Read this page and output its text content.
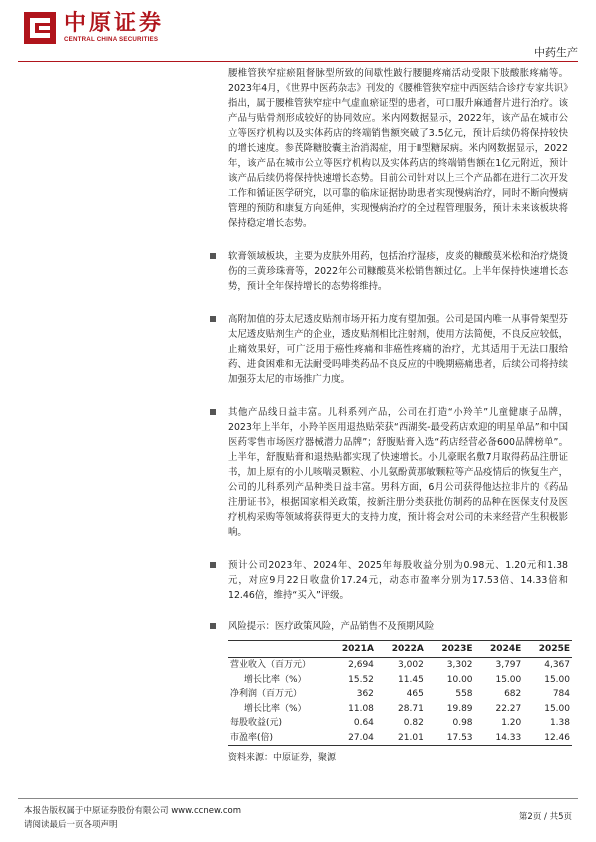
中原证券
CENTRAL CHINA SECURITIES
中药生产

腰椎管狭窄症瘀阻督脉型所致的间歇性跛行腰腿疼痛活动受限下肢酸胀疼痛等。2023年4月，《世界中医药杂志》刊发的《腰椎管狭窄症中西医结合诊疗专家共识》指出，属于腰椎管狭窄症中气虚血瘀证型的患者，可口服升麻通督片进行治疗。该产品与贴骨剂形成较好的协同效应。米内网数据显示，2022年，该产品在城市公立等医疗机构以及实体药店的终端销售额突破了3.5亿元，预计后续仍将保持较快的增长速度。参芪降糖胶囊主治消渴症，用于Ⅱ型糖尿病。米内网数据显示，2022年，该产品在城市公立等医疗机构以及实体药店的终端销售额在1亿元附近，预计该产品后续仍将保持快速增长态势。目前公司针对以上三个产品都在进行二次开发工作和循证医学研究，以可靠的临床证据协助患者实现慢病治疗，同时不断向慢病管理的预防和康复方向延伸，实现慢病治疗的全过程管理服务，预计未来该板块将保持稳定增长态势。

软膏领域板块，主要为皮肤外用药，包括治疗湿疹，皮炎的糠酸莫米松和治疗烧烫伤的三黄珍珠膏等，2022年公司糠酸莫米松销售额过亿。上半年保持快速增长态势，预计全年保持增长的态势将维持。

高附加值的芬太尼透皮贴剂市场开拓力度有望加强。公司是国内唯一从事骨架型芬太尼透皮贴剂生产的企业，透皮贴剂相比注射剂，使用方法简便，不良反应较低，止痛效果好，可广泛用于癌性疼痛和非癌性疼痛的治疗，尤其适用于无法口服给药、进食困难和无法耐受吗啡类药品不良反应的中晚期癌痛患者，后续公司将持续加强芬太尼的市场推广力度。

其他产品线日益丰富。儿科系列产品，公司在打造“小羚羊”儿童健康子品牌，2023年上半年，小羚羊医用退热贴荣获“西湖奖-最受药店欢迎的明星单品”和中国医药零售市场医疗器械潜力品牌”；舒腹贴膏入选“药店经营必备600品牌榜单”。上半年，舒腹贴膏和退热贴都实现了快速增长。小儿豪眠名敷7月取得药品注册证书，加上原有的小儿咳喘灵颗粒、小儿氨酚黄那敏颗粒等产品疫情后的恢复生产，公司的儿科系列产品种类日益丰富。男科方面，6月公司获得他达拉非片的《药品注册证书》，根据国家相关政策，按新注册分类获批仿制药的品种在医保支付及医疗机构采购等领域将获得更大的支持力度，预计将会对公司的未来经营产生积极影响。

预计公司2023年、2024年、2025年每股收益分别为0.98元、1.20元和1.38元，对应9月22日收盘价17.24元，动态市盈率分别为17.53倍、14.33倍和12.46倍，维持“买入”评级。

风险提示：医疗政策风险，产品销售不及预期风险
	2021A	2022A	2023E	2024E	2025E
营业收入（百万元）	2,694	3,002	3,302	3,797	4,367
增长比率（%）	15.52	11.45	10.00	15.00	15.00
净利润（百万元）	362	465	558	682	784
增长比率（%）	11.08	28.71	19.89	22.27	15.00
每股收益(元)	0.64	0.82	0.98	1.20	1.38
市盈率(倍)	27.04	21.01	17.53	14.33	12.46
资料来源：中原证券，聚源
本报告版权属于中原证券股份有限公司 www.ccnew.com
请阅读最后一页各项声明
第2页 / 共5页
